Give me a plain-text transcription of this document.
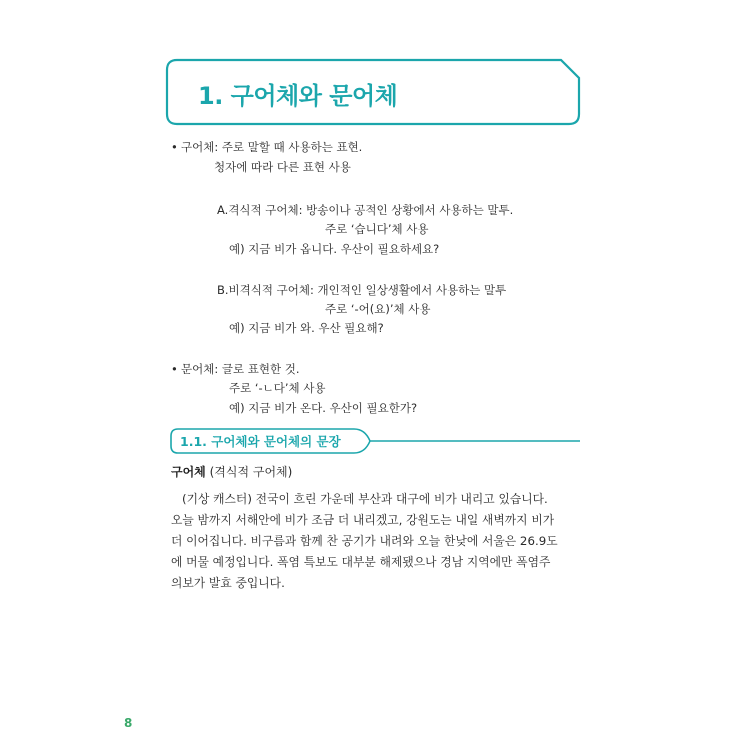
1. 구어체와 문어체
• 구어체: 주로 말할 때 사용하는 표현.
청자에 따라 다른 표현 사용
A.격식적 구어체: 방송이나 공적인 상황에서 사용하는 말투.
주로 ‘습니다’체 사용
예) 지금 비가 옵니다. 우산이 필요하세요?
B.비격식적 구어체: 개인적인 일상생활에서 사용하는 말투
주로 ‘-어(요)’체 사용
예) 지금 비가 와. 우산 필요해?
• 문어체: 글로 표현한 것.
주로 ‘-ㄴ다’체 사용
예) 지금 비가 온다. 우산이 필요한가?
1.1. 구어체와 문어체의 문장
구어체 (격식적 구어체)
(기상 캐스터) 전국이 흐린 가운데 부산과 대구에 비가 내리고 있습니다.
오늘 밤까지 서해안에 비가 조금 더 내리겠고, 강원도는 내일 새벽까지 비가
더 이어집니다. 비구름과 함께 찬 공기가 내려와 오늘 한낮에 서울은 26.9도
에 머물 예정입니다. 폭염 특보도 대부분 해제됐으나 경남 지역에만 폭염주
의보가 발효 중입니다.
8
